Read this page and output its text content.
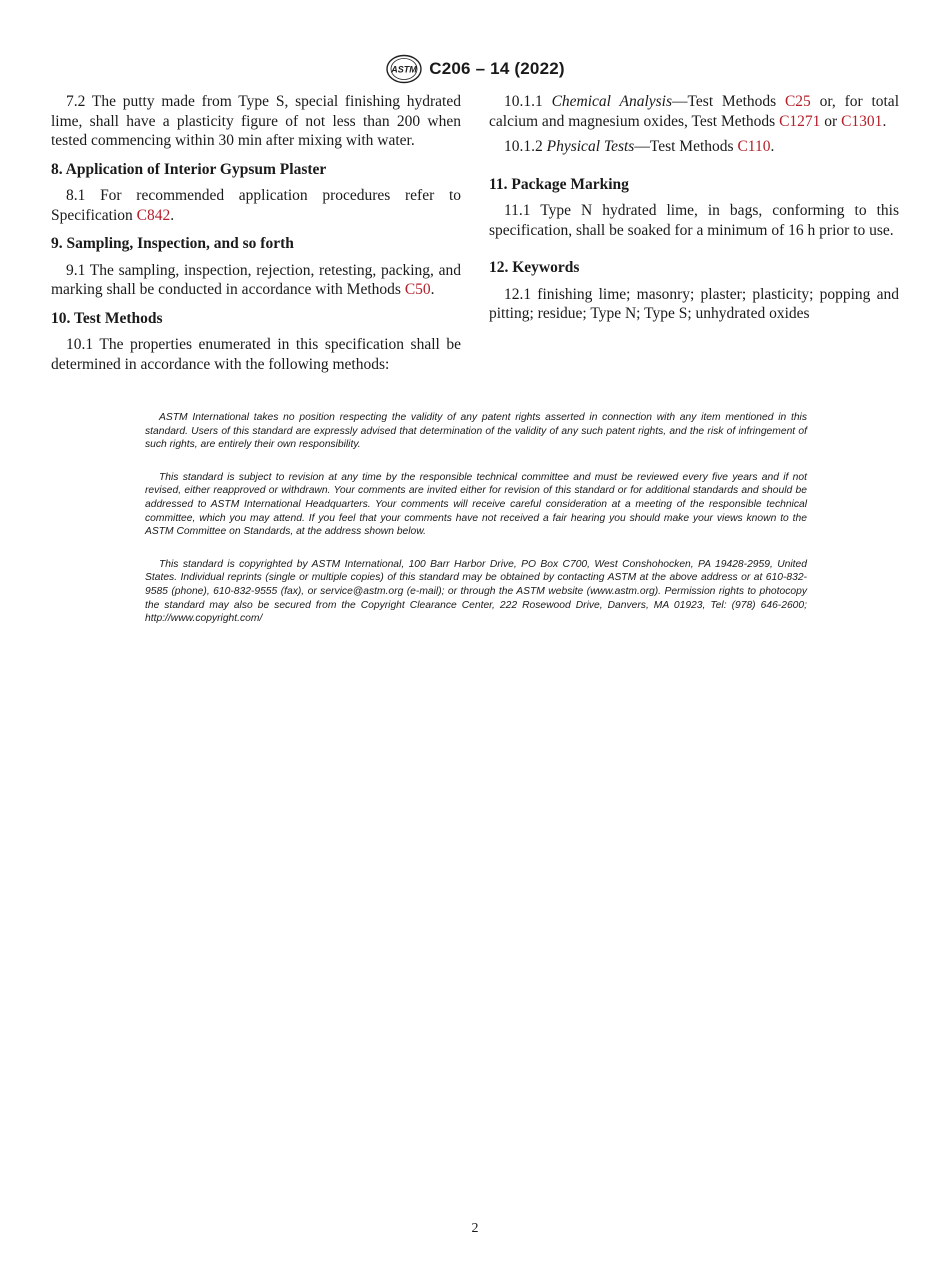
ASTM C206 – 14 (2022)

7.2 The putty made from Type S, special finishing hydrated lime, shall have a plasticity figure of not less than 200 when tested commencing within 30 min after mixing with water.

8. Application of Interior Gypsum Plaster

8.1 For recommended application procedures refer to Specification C842.

9. Sampling, Inspection, and so forth

9.1 The sampling, inspection, rejection, retesting, packing, and marking shall be conducted in accordance with Methods C50.

10. Test Methods

10.1 The properties enumerated in this specification shall be determined in accordance with the following methods:

10.1.1 Chemical Analysis—Test Methods C25 or, for total calcium and magnesium oxides, Test Methods C1271 or C1301.

10.1.2 Physical Tests—Test Methods C110.

11. Package Marking

11.1 Type N hydrated lime, in bags, conforming to this specification, shall be soaked for a minimum of 16 h prior to use.

12. Keywords

12.1 finishing lime; masonry; plaster; plasticity; popping and pitting; residue; Type N; Type S; unhydrated oxides

ASTM International takes no position respecting the validity of any patent rights asserted in connection with any item mentioned in this standard. Users of this standard are expressly advised that determination of the validity of any such patent rights, and the risk of infringement of such rights, are entirely their own responsibility.

This standard is subject to revision at any time by the responsible technical committee and must be reviewed every five years and if not revised, either reapproved or withdrawn. Your comments are invited either for revision of this standard or for additional standards and should be addressed to ASTM International Headquarters. Your comments will receive careful consideration at a meeting of the responsible technical committee, which you may attend. If you feel that your comments have not received a fair hearing you should make your views known to the ASTM Committee on Standards, at the address shown below.

This standard is copyrighted by ASTM International, 100 Barr Harbor Drive, PO Box C700, West Conshohocken, PA 19428-2959, United States. Individual reprints (single or multiple copies) of this standard may be obtained by contacting ASTM at the above address or at 610-832-9585 (phone), 610-832-9555 (fax), or service@astm.org (e-mail); or through the ASTM website (www.astm.org). Permission rights to photocopy the standard may also be secured from the Copyright Clearance Center, 222 Rosewood Drive, Danvers, MA 01923, Tel: (978) 646-2600; http://www.copyright.com/

2
